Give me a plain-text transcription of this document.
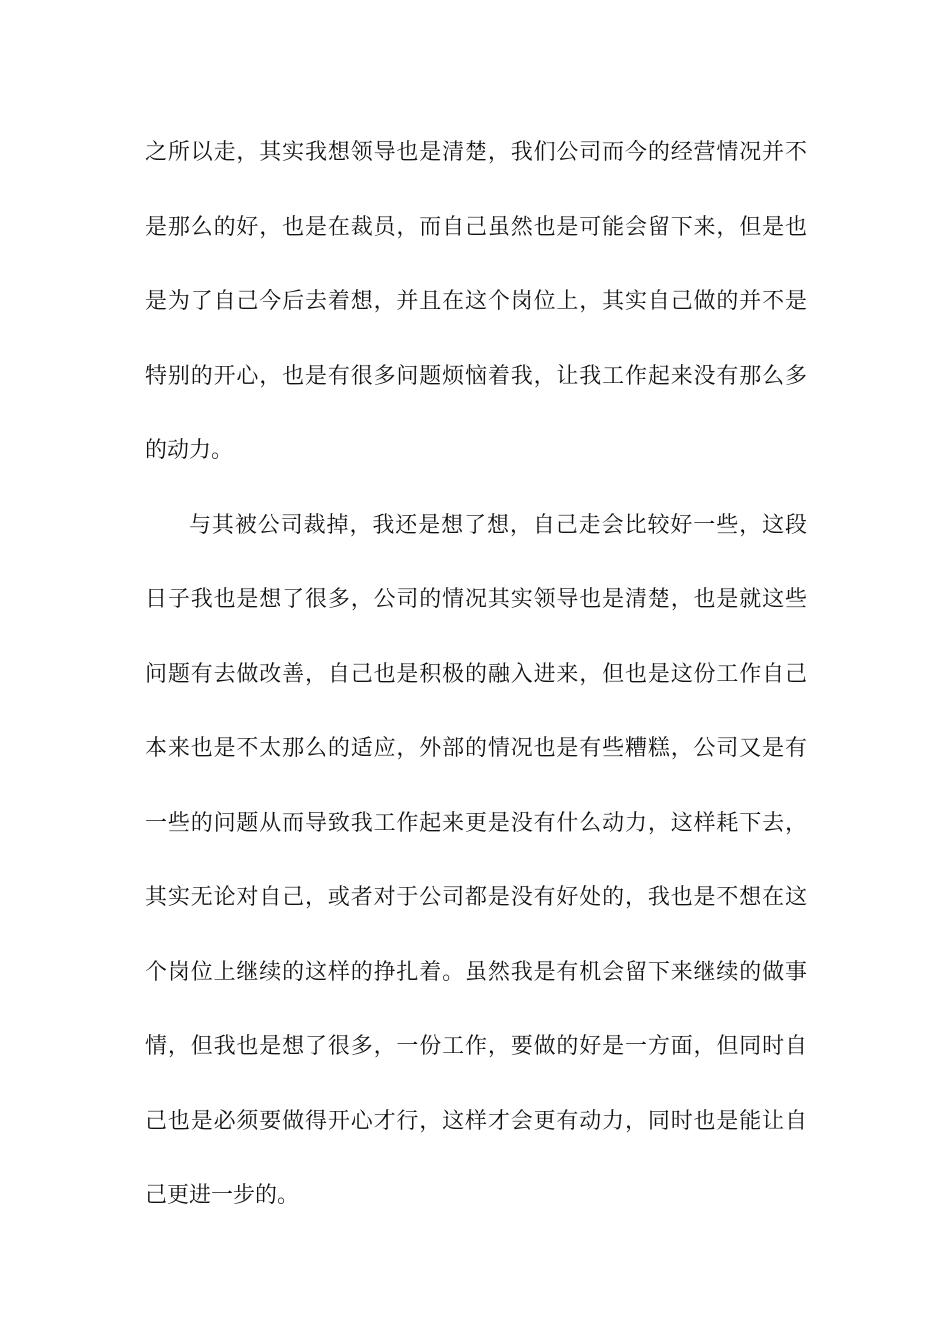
之所以走，其实我想领导也是清楚，我们公司而今的经营情况并不
是那么的好，也是在裁员，而自己虽然也是可能会留下来，但是也
是为了自己今后去着想，并且在这个岗位上，其实自己做的并不是
特别的开心，也是有很多问题烦恼着我，让我工作起来没有那么多
的动力。
与其被公司裁掉，我还是想了想，自己走会比较好一些，这段
日子我也是想了很多，公司的情况其实领导也是清楚，也是就这些
问题有去做改善，自己也是积极的融入进来，但也是这份工作自己
本来也是不太那么的适应，外部的情况也是有些糟糕，公司又是有
一些的问题从而导致我工作起来更是没有什么动力，这样耗下去，
其实无论对自己，或者对于公司都是没有好处的，我也是不想在这
个岗位上继续的这样的挣扎着。虽然我是有机会留下来继续的做事
情，但我也是想了很多，一份工作，要做的好是一方面，但同时自
己也是必须要做得开心才行，这样才会更有动力，同时也是能让自
己更进一步的。
